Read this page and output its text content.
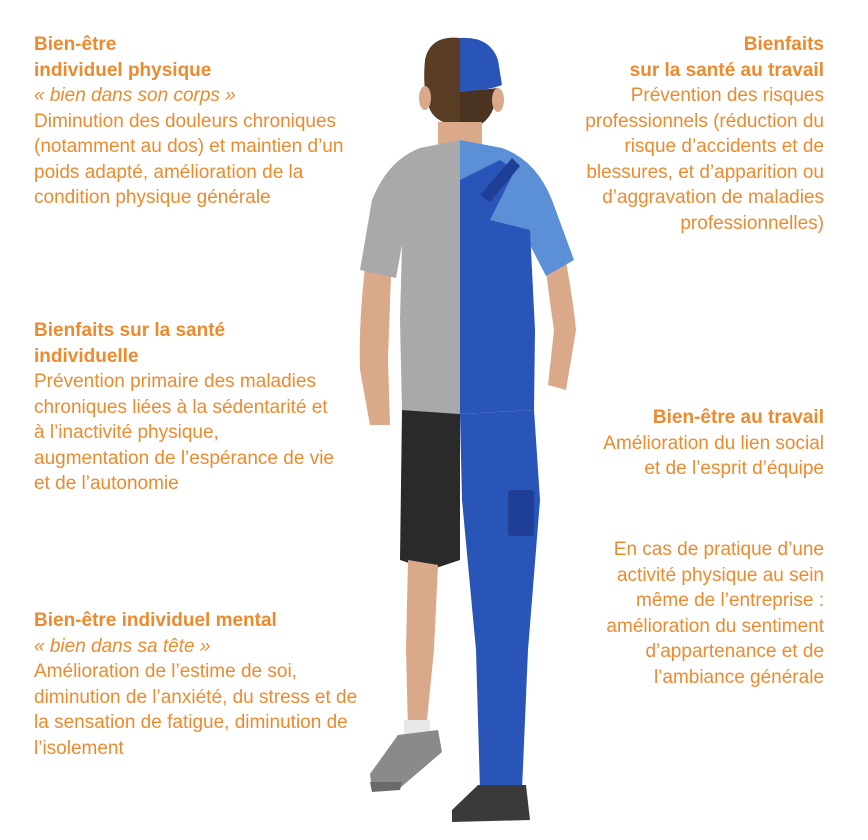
Bien-être
individuel physique
« bien dans son corps »
Diminution des douleurs chroniques (notamment au dos) et maintien d’un poids adapté, amélioration de la condition physique générale
Bienfaits sur la santé
individuelle
Prévention primaire des maladies chroniques liées à la sédentarité et à l’inactivité physique, augmentation de l’espérance de vie et de l’autonomie
Bien-être individuel mental
« bien dans sa tête »
Amélioration de l’estime de soi, diminution de l’anxiété, du stress et de la sensation de fatigue, diminution de l’isolement
Bienfaits
sur la santé au travail
Prévention des risques professionnels (réduction du risque d’accidents et de blessures, et d’apparition ou d’aggravation de maladies professionnelles)
Bien-être au travail
Amélioration du lien social et de l’esprit d’équipe
En cas de pratique d’une activité physique au sein même de l’entreprise : amélioration du sentiment d’appartenance et de l’ambiance générale
